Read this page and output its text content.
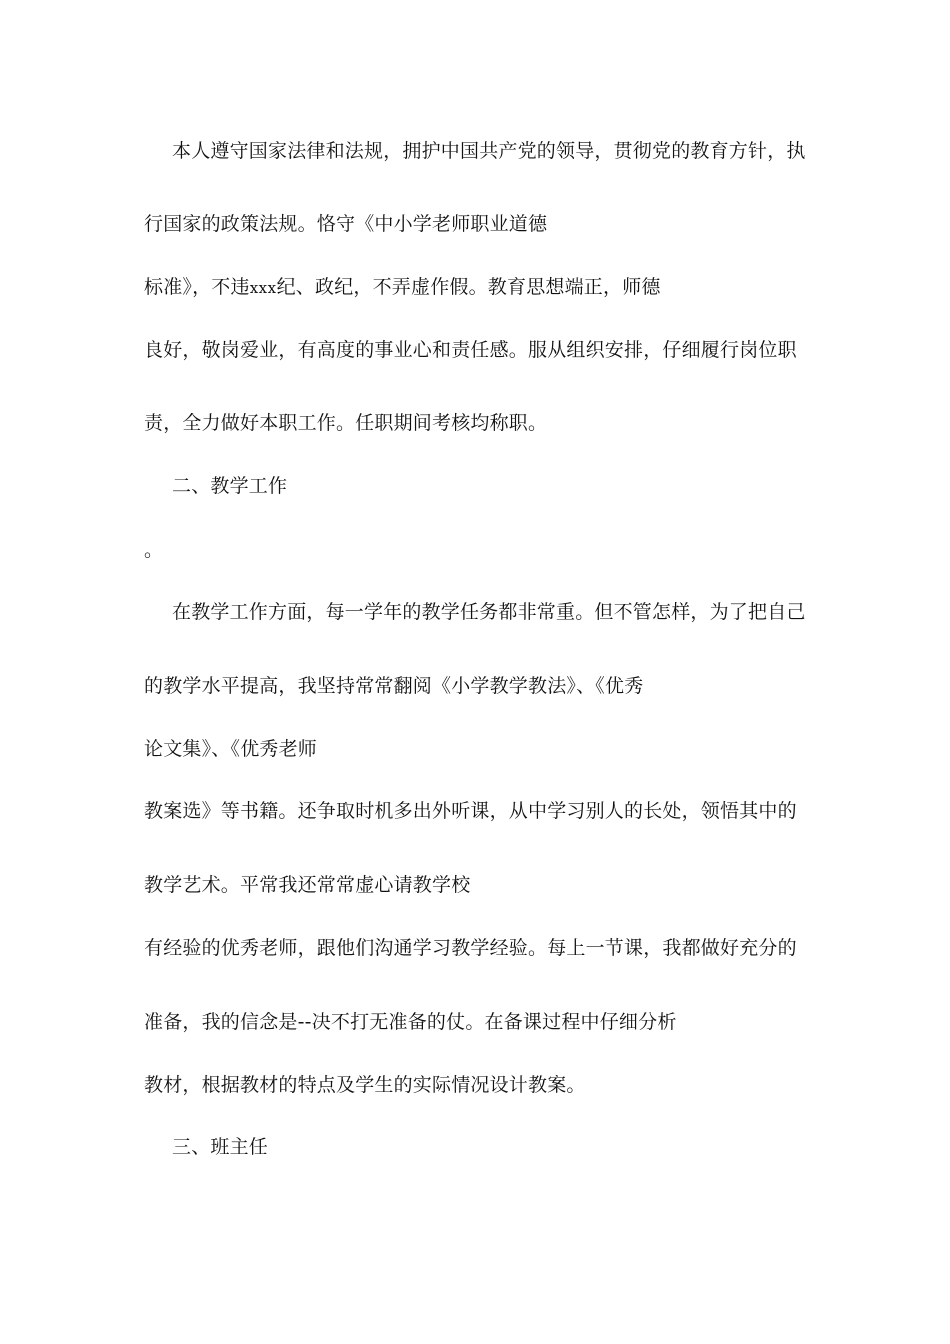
本人遵守国家法律和法规，拥护中国共产党的领导，贯彻党的教育方针，执
行国家的政策法规。恪守《中小学老师职业道德
标准》，不违xxx纪、政纪，不弄虚作假。教育思想端正，师德
良好，敬岗爱业，有高度的事业心和责任感。服从组织安排，仔细履行岗位职
责，全力做好本职工作。任职期间考核均称职。
二、教学工作
。
在教学工作方面，每一学年的教学任务都非常重。但不管怎样，为了把自己
的教学水平提高，我坚持常常翻阅《小学教学教法》、《优秀
论文集》、《优秀老师
教案选》等书籍。还争取时机多出外听课，从中学习别人的长处，领悟其中的
教学艺术。平常我还常常虚心请教学校
有经验的优秀老师，跟他们沟通学习教学经验。每上一节课，我都做好充分的
准备，我的信念是--决不打无准备的仗。在备课过程中仔细分析
教材，根据教材的特点及学生的实际情况设计教案。
三、班主任
